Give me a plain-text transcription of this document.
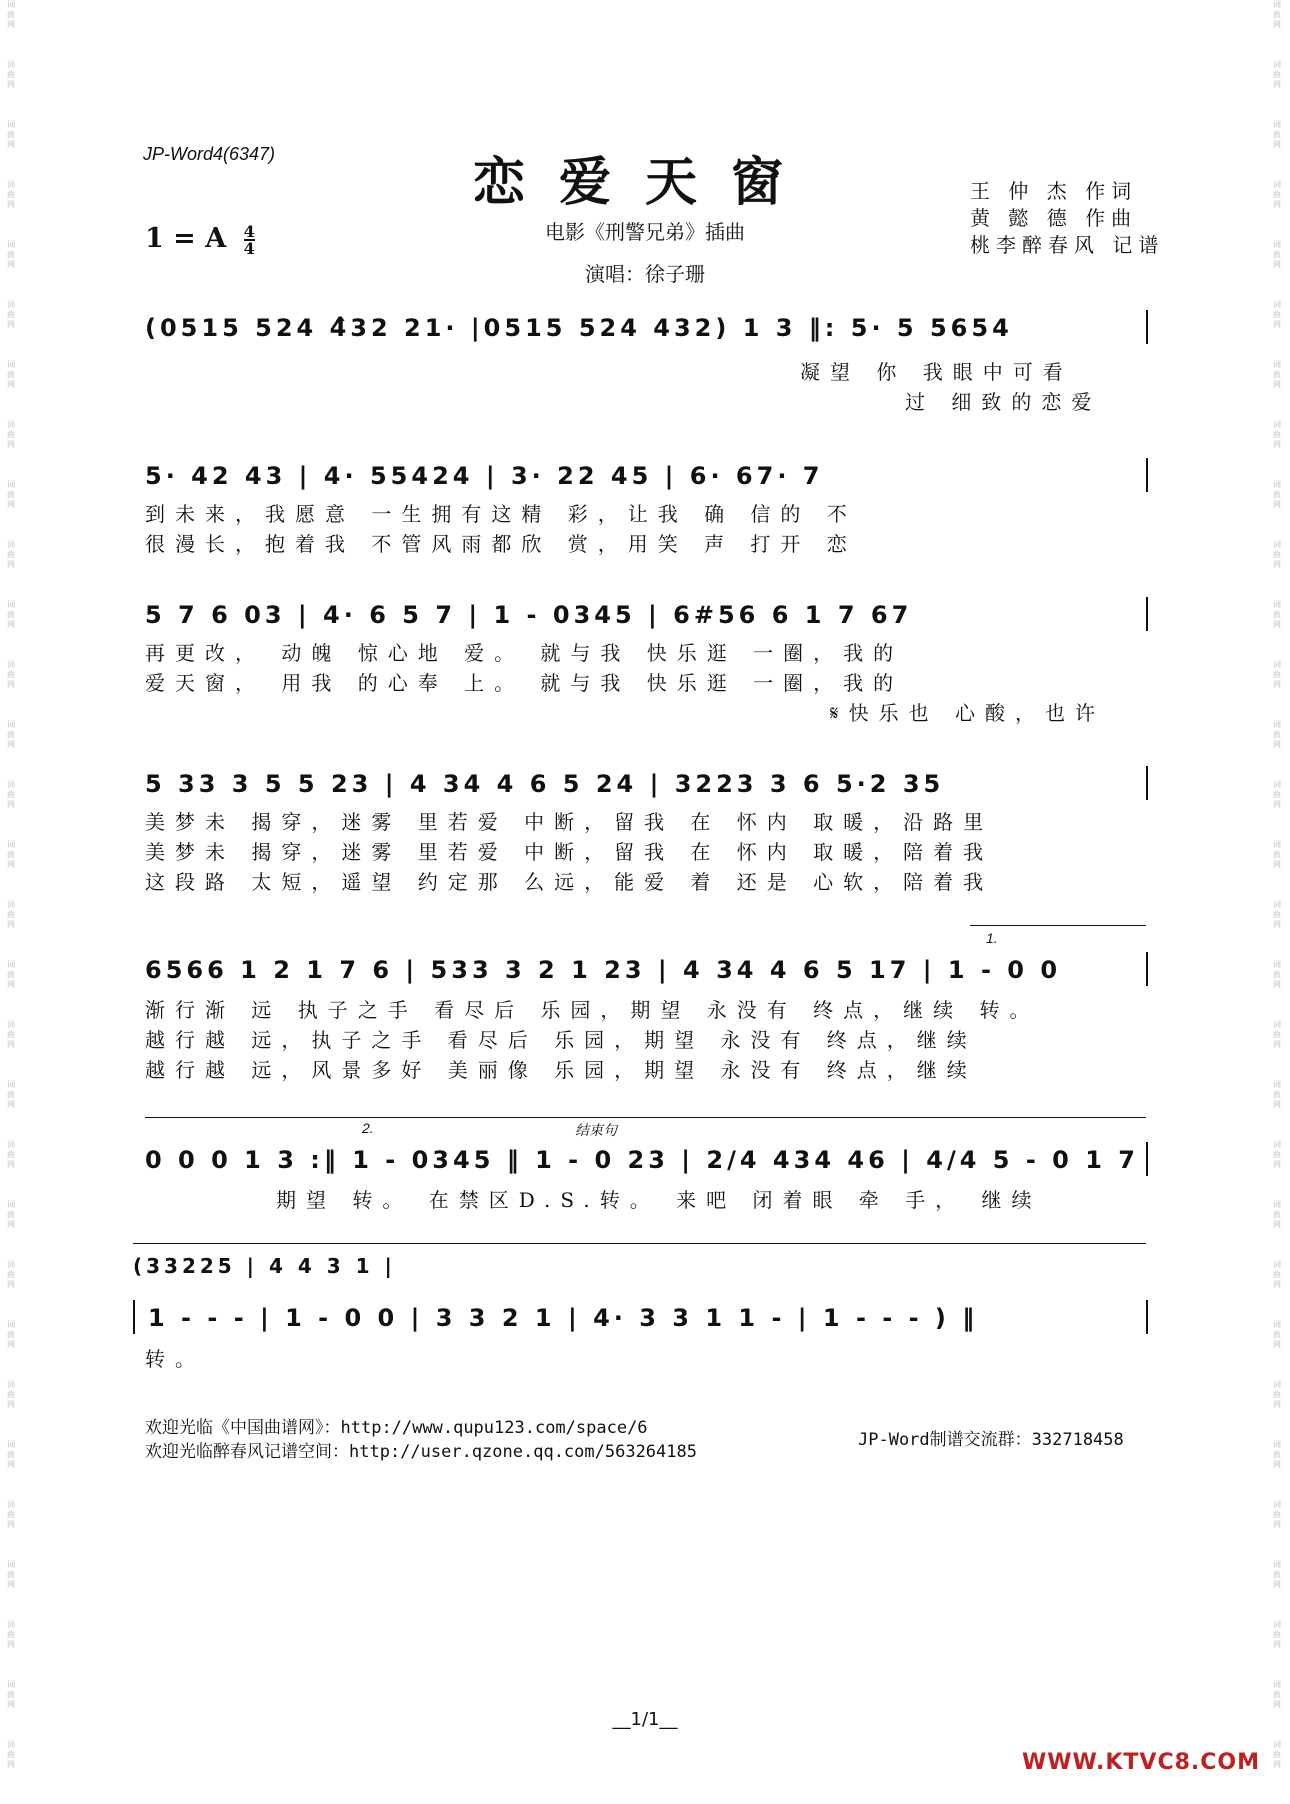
词
曲
网
词
曲
网
词
曲
网
词
曲
网
词
曲
网
词
曲
网
词
曲
网
词
曲
网
词
曲
网
词
曲
网
词
曲
网
词
曲
网
词
曲
网
词
曲
网
词
曲
网
词
曲
网
词
曲
网
词
曲
网
词
曲
网
词
曲
网
词
曲
网
词
曲
网
词
曲
网
词
曲
网
词
曲
网
词
曲
网
词
曲
网
词
曲
网
词
曲
网
词
曲
网
词
曲
网
词
曲
网
词
曲
网
词
曲
网
词
曲
网
词
曲
网
词
曲
网
词
曲
网
词
曲
网
词
曲
网
词
曲
网
词
曲
网
词
曲
网
词
曲
网
词
曲
网
词
曲
网
词
曲
网
词
曲
网
词
曲
网
词
曲
网
词
曲
网
词
曲
网
词
曲
网
词
曲
网
词
曲
网
词
曲
网
词
曲
网
词
曲
网
词
曲
网
词
曲
网
JP-Word4(6347)	恋爱天窗	王 仲 杰 作词
黄 懿 德 作曲
桃李醉春风 记谱
1 = A $\frac{4}{4}$	电影《刑警兄弟》插曲
演唱：徐子珊
(0515 524 4̂32 21· |0515 524 432) 1 3 ‖: 5· 5 5654
凝望 你 我眼中可看
过 细致的恋爱
5· 42 43 | 4· 55424 | 3· 22 45 | 6· 67· 7
到未来，我愿意 一生拥有这精 彩，让我 确 信的 不
很漫长，抱着我 不管风雨都欣 赏，用笑 声 打开 恋
5 7 6 03 | 4· 6 5 7 | 1 - 0345 | 6#56 6 1 7 67
再更改， 动魄 惊心地 爱。 就与我 快乐逛 一圈，我的
爱天窗， 用我 的心奉 上。 就与我 快乐逛 一圈，我的
𝄋快乐也 心酸，也许
5 33 3 5 5 23 | 4 34 4 6 5 24 | 3223 3 6 5·2 35
美梦未 揭穿，迷雾 里若爱 中断，留我 在 怀内 取暖，沿路里
美梦未 揭穿，迷雾 里若爱 中断，留我 在 怀内 取暖，陪着我
这段路 太短，遥望 约定那 么远，能爱 着 还是 心软，陪着我
1.
6566 1 2 1 7 6 | 533 3 2 1 23 | 4 34 4 6 5 17 | 1 - 0 0
渐行渐 远 执子之手 看尽后 乐园，期望 永没有 终点，继续 转。
越行越 远，执子之手 看尽后 乐园，期望 永没有 终点，继续
越行越 远，风景多好 美丽像 乐园，期望 永没有 终点，继续
2.	结束句
0 0 0 1 3 :‖ 1 - 0345 ‖ 1 - 0 23 | 2/4 434 46 | 4/4 5 - 0 1 7
期望 转。 在禁区D.S.转。 来吧 闭着眼 牵 手， 继续
(33225 | 4 4 3 1 |
1 - - - | 1 - 0 0 | 3 3 2 1 | 4· 3 3 1 1 - | 1 - - - ) ‖
转。
欢迎光临《中国曲谱网》：http://www.qupu123.com/space/6
欢迎光临醉春风记谱空间：http://user.qzone.qq.com/563264185
JP-Word制谱交流群：332718458
__1/1__
WWW.KTVC8.COM
